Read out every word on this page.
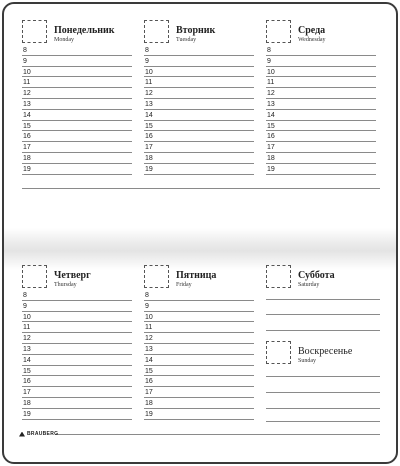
Понедельник
Monday
8
9
10
11
12
13
14
15
16
17
18
19
Вторник
Tuesday
8
9
10
11
12
13
14
15
16
17
18
19
Среда
Wednesday
8
9
10
11
12
13
14
15
16
17
18
19
Четверг
Thursday
8
9
10
11
12
13
14
15
16
17
18
19
Пятница
Friday
8
9
10
11
12
13
14
15
16
17
18
19
Суббота
Saturday
Воскресенье
Sunday
BRAUBERG
